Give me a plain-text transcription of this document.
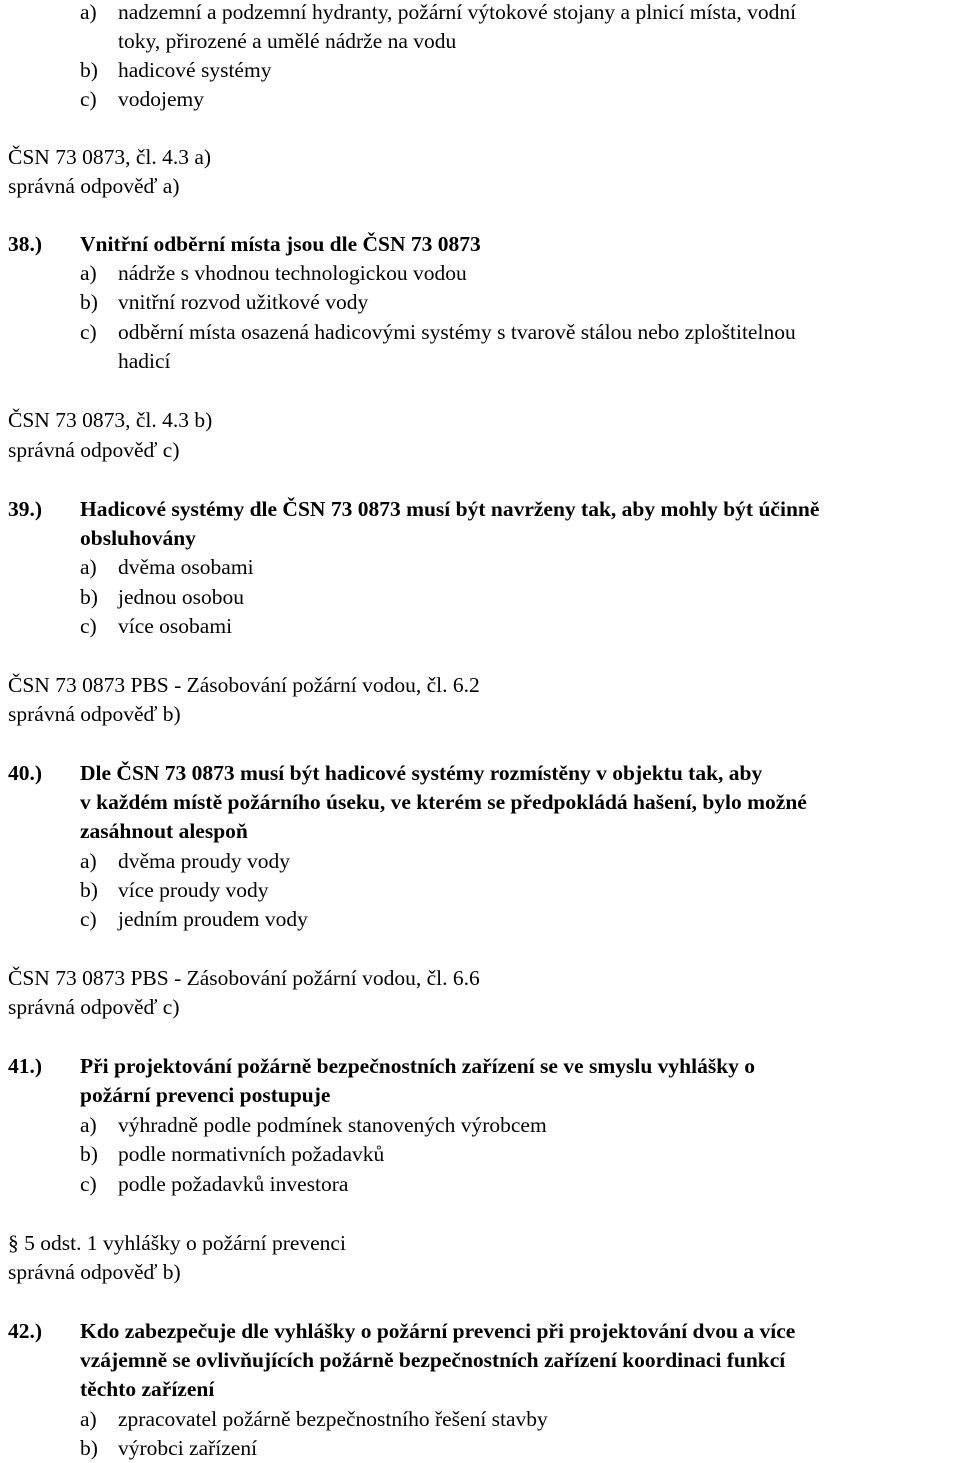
a) nadzemní a podzemní hydranty, požární výtokové stojany a plnicí místa, vodní
toky, přirozené a umělé nádrže na vodu
b) hadicové systémy
c) vodojemy
ČSN 73 0873, čl. 4.3 a)
správná odpověď a)
38.) Vnitřní odběrní místa jsou dle ČSN 73 0873
a) nádrže s vhodnou technologickou vodou
b) vnitřní rozvod užitkové vody
c) odběrní místa osazená hadicovými systémy s tvarově stálou nebo zploštitelnou
hadicí
ČSN 73 0873, čl. 4.3 b)
správná odpověď c)
39.) Hadicové systémy dle ČSN 73 0873 musí být navrženy tak, aby mohly být účinně
obsluhovány
a) dvěma osobami
b) jednou osobou
c) více osobami
ČSN 73 0873 PBS - Zásobování požární vodou, čl. 6.2
správná odpověď b)
40.) Dle ČSN 73 0873 musí být hadicové systémy rozmístěny v objektu tak, aby
v každém místě požárního úseku, ve kterém se předpokládá hašení, bylo možné
zasáhnout alespoň
a) dvěma proudy vody
b) více proudy vody
c) jedním proudem vody
ČSN 73 0873 PBS - Zásobování požární vodou, čl. 6.6
správná odpověď c)
41.) Při projektování požárně bezpečnostních zařízení se ve smyslu vyhlášky o
požární prevenci postupuje
a) výhradně podle podmínek stanovených výrobcem
b) podle normativních požadavků
c) podle požadavků investora
§ 5 odst. 1 vyhlášky o požární prevenci
správná odpověď b)
42.) Kdo zabezpečuje dle vyhlášky o požární prevenci při projektování dvou a více
vzájemně se ovlivňujících požárně bezpečnostních zařízení koordinaci funkcí
těchto zařízení
a) zpracovatel požárně bezpečnostního řešení stavby
b) výrobci zařízení
